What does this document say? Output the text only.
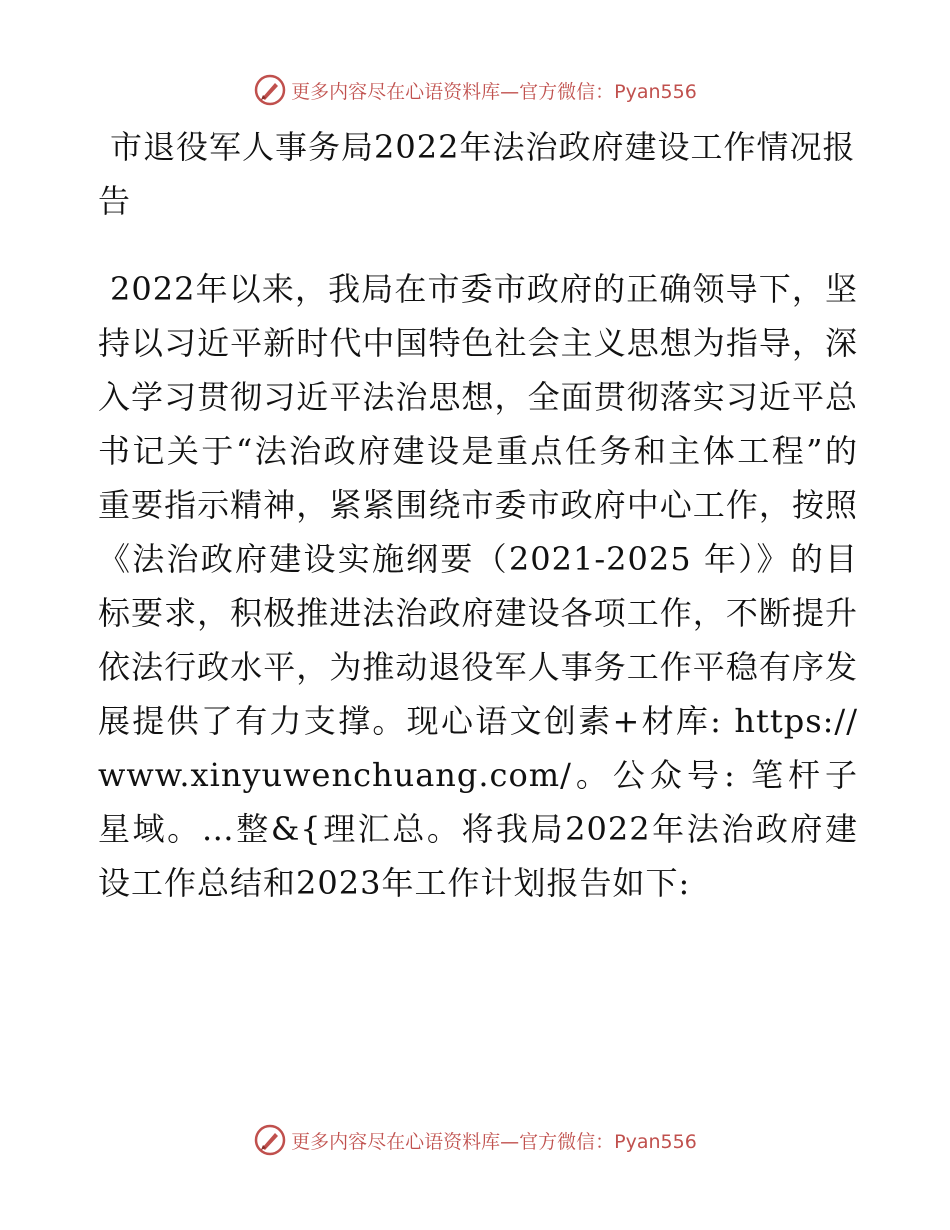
更多内容尽在心语资料库—官方微信：Pyan556
市退役军人事务局2022年法治政府建设工作情况报告

2022年以来，我局在市委市政府的正确领导下，坚持以习近平新时代中国特色社会主义思想为指导，深入学习贯彻习近平法治思想，全面贯彻落实习近平总书记关于“法治政府建设是重点任务和主体工程”的重要指示精神，紧紧围绕市委市政府中心工作，按照《法治政府建设实施纲要（2021-2025 年）》的目标要求，积极推进法治政府建设各项工作，不断提升依法行政水平，为推动退役军人事务工作平稳有序发展提供了有力支撑。现心语文创素+材库: https://www.xinyuwenchuang.com/。公众号: 笔杆子星域。…整&{理汇总。将我局2022年法治政府建设工作总结和2023年工作计划报告如下:

更多内容尽在心语资料库—官方微信：Pyan556
